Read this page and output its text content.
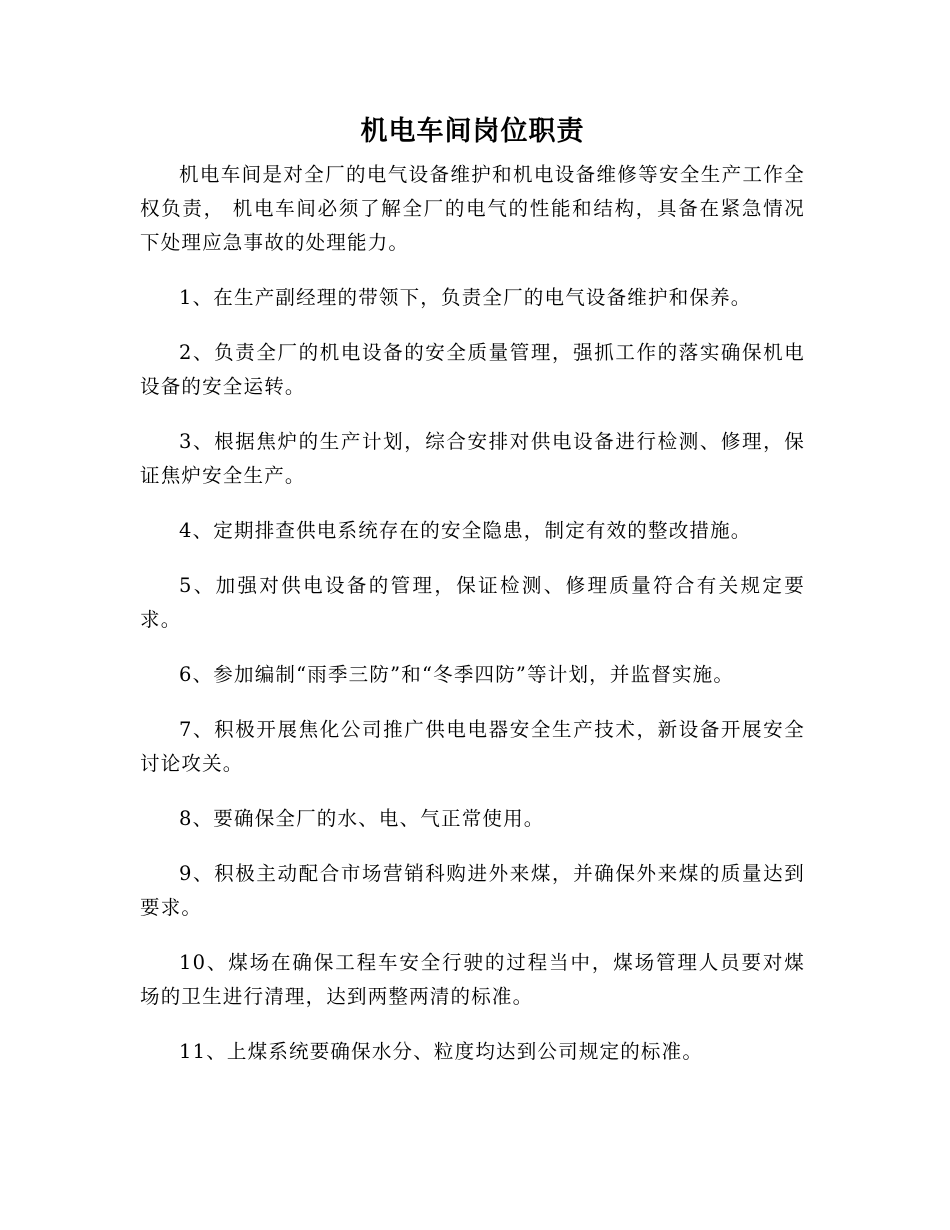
机电车间岗位职责

机电车间是对全厂的电气设备维护和机电设备维修等安全生产工作全权负责， 机电车间必须了解全厂的电气的性能和结构，具备在紧急情况下处理应急事故的处理能力。

1、在生产副经理的带领下，负责全厂的电气设备维护和保养。

2、负责全厂的机电设备的安全质量管理，强抓工作的落实确保机电设备的安全运转。

3、根据焦炉的生产计划，综合安排对供电设备进行检测、修理，保证焦炉安全生产。

4、定期排查供电系统存在的安全隐患，制定有效的整改措施。

5、加强对供电设备的管理，保证检测、修理质量符合有关规定要求。

6、参加编制“雨季三防”和“冬季四防”等计划，并监督实施。

7、积极开展焦化公司推广供电电器安全生产技术，新设备开展安全讨论攻关。

8、要确保全厂的水、电、气正常使用。

9、积极主动配合市场营销科购进外来煤，并确保外来煤的质量达到要求。

10、煤场在确保工程车安全行驶的过程当中，煤场管理人员要对煤场的卫生进行清理，达到两整两清的标准。

11、上煤系统要确保水分、粒度均达到公司规定的标准。
